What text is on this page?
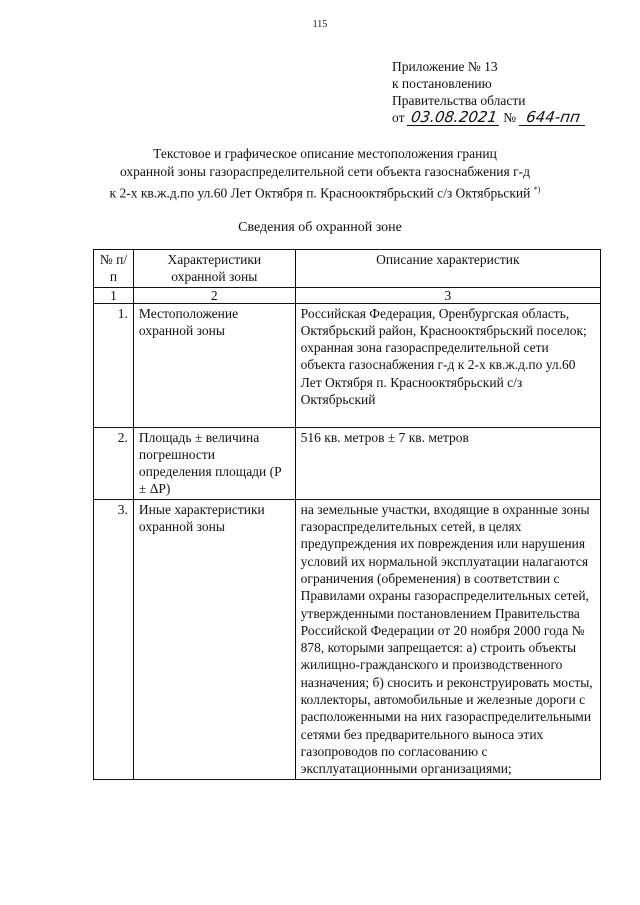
115
Приложение № 13
к постановлению
Правительства области
от 03.08.2021 № 644-пп
Текстовое и графическое описание местоположения границ
охранной зоны газораспределительной сети объекта газоснабжения г-д
к 2-х кв.ж.д.по ул.60 Лет Октября п. Краснооктябрьский с/з Октябрьский *)
Сведения об охранной зоне
№ п/п	Характеристики охранной зоны	Описание характеристик
1	2	3
1.	Местоположение охранной зоны	Российская Федерация, Оренбургская область, Октябрьский район, Краснооктябрьский поселок; охранная зона газораспределительной сети объекта газоснабжения г-д к 2-х кв.ж.д.по ул.60 Лет Октября п. Краснооктябрьский с/з Октябрьский
2.	Площадь ± величина погрешности определения площади (Р ± ΔР)	516 кв. метров ± 7 кв. метров
3.	Иные характеристики охранной зоны	на земельные участки, входящие в охранные зоны газораспределительных сетей, в целях предупреждения их повреждения или нарушения условий их нормальной эксплуатации налагаются ограничения (обременения) в соответствии с Правилами охраны газораспределительных сетей, утвержденными постановлением Правительства Российской Федерации от 20 ноября 2000 года № 878, которыми запрещается: а) строить объекты жилищно-гражданского и производственного назначения; б) сносить и реконструировать мосты, коллекторы, автомобильные и железные дороги с расположенными на них газораспределительными сетями без предварительного выноса этих газопроводов по согласованию с эксплуатационными организациями;
